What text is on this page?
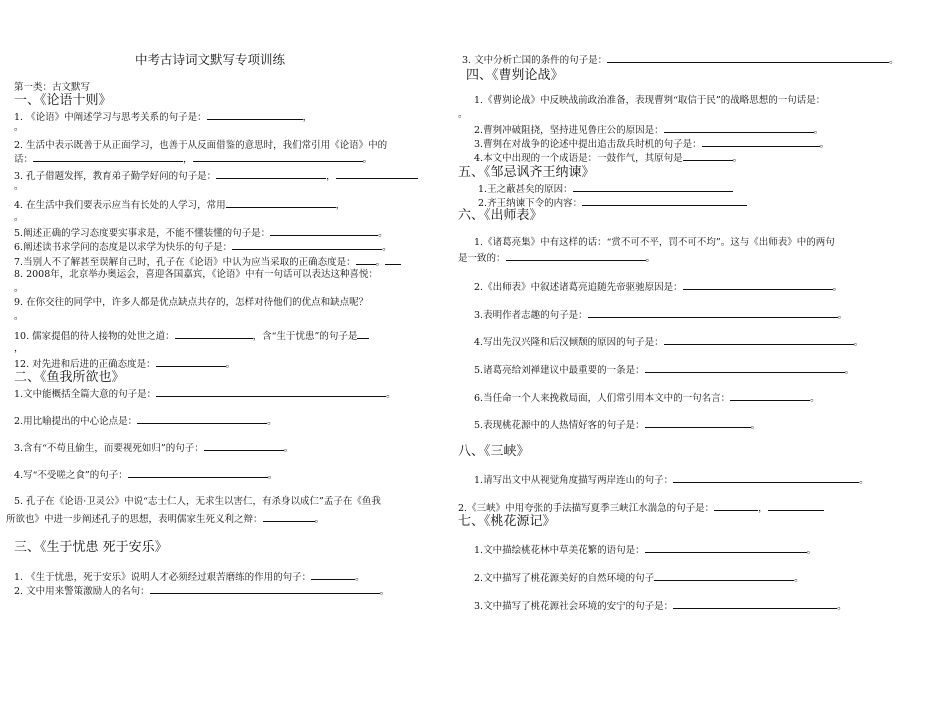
中考古诗词文默写专项训练
第一类：古文默写
一、《论语十则》
1. 《论语》中阐述学习与思考关系的句子是：	，
。
2. 生活中表示既善于从正面学习，也善于从反面借鉴的意思时，我们常引用《论语》中的
话：	，	。
3. 孔子借题发挥，教育弟子勤学好问的句子是：	，
。
4. 在生活中我们要表示应当有长处的人学习，常用	，
。
5.阐述正确的学习态度要实事求是，不能不懂装懂的句子是：	。
6.阐述读书求学问的态度是以求学为快乐的句子是：	。
7.当别人不了解甚至误解自己时，孔子在《论语》中认为应当采取的正确态度是： 。
8. 2008年，北京举办奥运会，喜迎各国嘉宾，《论语》中有一句话可以表达这种喜悦：
。
9. 在你交往的同学中，许多人都是优点缺点共存的，怎样对待他们的优点和缺点呢？
。
10. 儒家提倡的待人接物的处世之道：	，含“生于忧患”的句子是
，
12. 对先进和后进的正确态度是：	。
二、《鱼我所欲也》
1.文中能概括全篇大意的句子是：	。
2.用比喻提出的中心论点是：	。
3.含有“不苟且偷生，而要视死如归”的句子：	。
4.写“不受嗟之食”的句子：	。
5. 孔子在《论语·卫灵公》中说“志士仁人，无求生以害仁，有杀身以成仁”孟子在《鱼我
所欲也》中进一步阐述孔子的思想，表明儒家生死义利之辩：	。
三、《生于忧患 死于安乐》
1. 《生于忧患，死于安乐》说明人才必须经过艰苦磨练的作用的句子：	。
2. 文中用来警策激励人的名句：	。
3. 文中分析亡国的条件的句子是：	。
四、《曹刿论战》
1.《曹刿论战》中反映战前政治准备，表现曹刿“取信于民”的战略思想的一句话是：
。
2.曹刿冲破阻挠，坚持进见鲁庄公的原因是：	。
3.曹刿在对战争的论述中提出追击敌兵时机的句子是：	。
4.本文中出现的一个成语是：一鼓作气，其原句是	。
五、《邹忌讽齐王纳谏》
1.王之蔽甚矣的原因：
2.齐王纳谏下令的内容：
六、《出师表》
1.《诸葛亮集》中有这样的话：“赏不可不平，罚不可不均”。这与《出师表》中的两句
是一致的：	。
2.《出师表》中叙述诸葛亮追随先帝驱驰原因是：	。
3.表明作者志趣的句子是：	。
4.写出先汉兴隆和后汉倾颓的原因的句子是：	。
5.诸葛亮给刘禅建议中最重要的一条是：	。
6.当任命一个人来挽救局面，人们常引用本文中的一句名言：	。
5.表现桃花源中的人热情好客的句子是：	。
八、《三峡》
1.请写出文中从视觉角度描写两岸连山的句子：	。
2.《三峡》中用夸张的手法描写夏季三峡江水湍急的句子是：	，
七、《桃花源记》
1.文中描绘桃花林中草美花繁的语句是：	。
2.文中描写了桃花源美好的自然环境的句子	。
3.文中描写了桃花源社会环境的安宁的句子是：	。
